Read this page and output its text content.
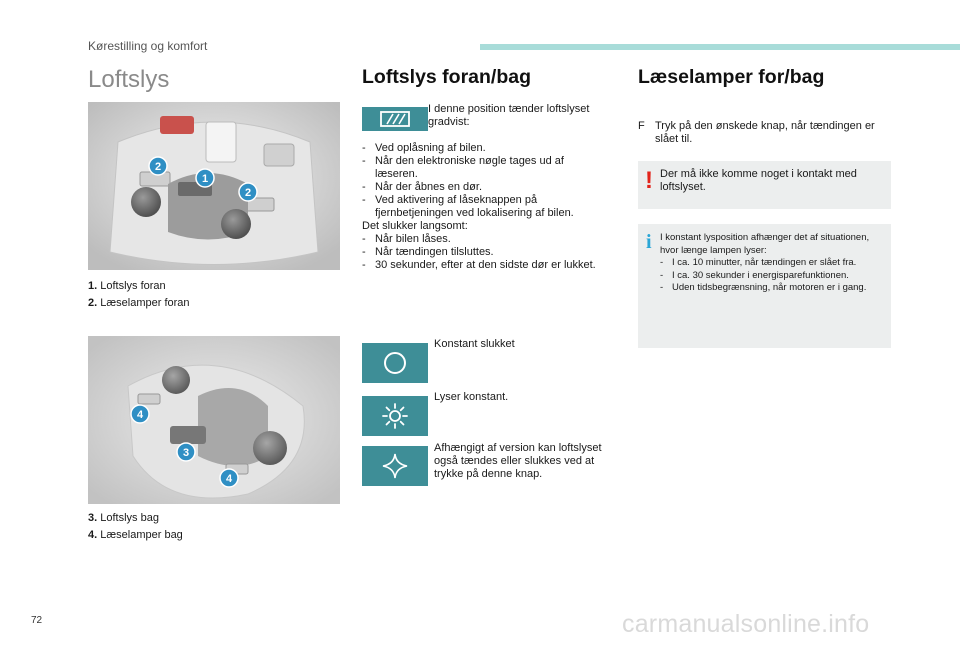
Kørestilling og komfort
Loftslys
2
1
2
1. Loftslys foran
2. Læselamper foran
4
3
4
3. Loftslys bag
4. Læselamper bag
Loftslys foran/bag
I denne position tænder loftslyset gradvist:
- Ved oplåsning af bilen.
- Når den elektroniske nøgle tages ud af læseren.
- Når der åbnes en dør.
- Ved aktivering af låseknappen på fjernbetjeningen ved lokalisering af bilen.
Det slukker langsomt:
- Når bilen låses.
- Når tændingen tilsluttes.
- 30 sekunder, efter at den sidste dør er lukket.
Konstant slukket
Lyser konstant.
Afhængigt af version kan loftslyset også tændes eller slukkes ved at trykke på denne knap.
Læselamper for/bag
F Tryk på den ønskede knap, når tændingen er slået til.
! Der må ikke komme noget i kontakt med loftslyset.
i I konstant lysposition afhænger det af situationen, hvor længe lampen lyser:
- I ca. 10 minutter, når tændingen er slået fra.
- I ca. 30 sekunder i energisparefunktionen.
- Uden tidsbegrænsning, når motoren er i gang.
72	carmanualsonline.info
